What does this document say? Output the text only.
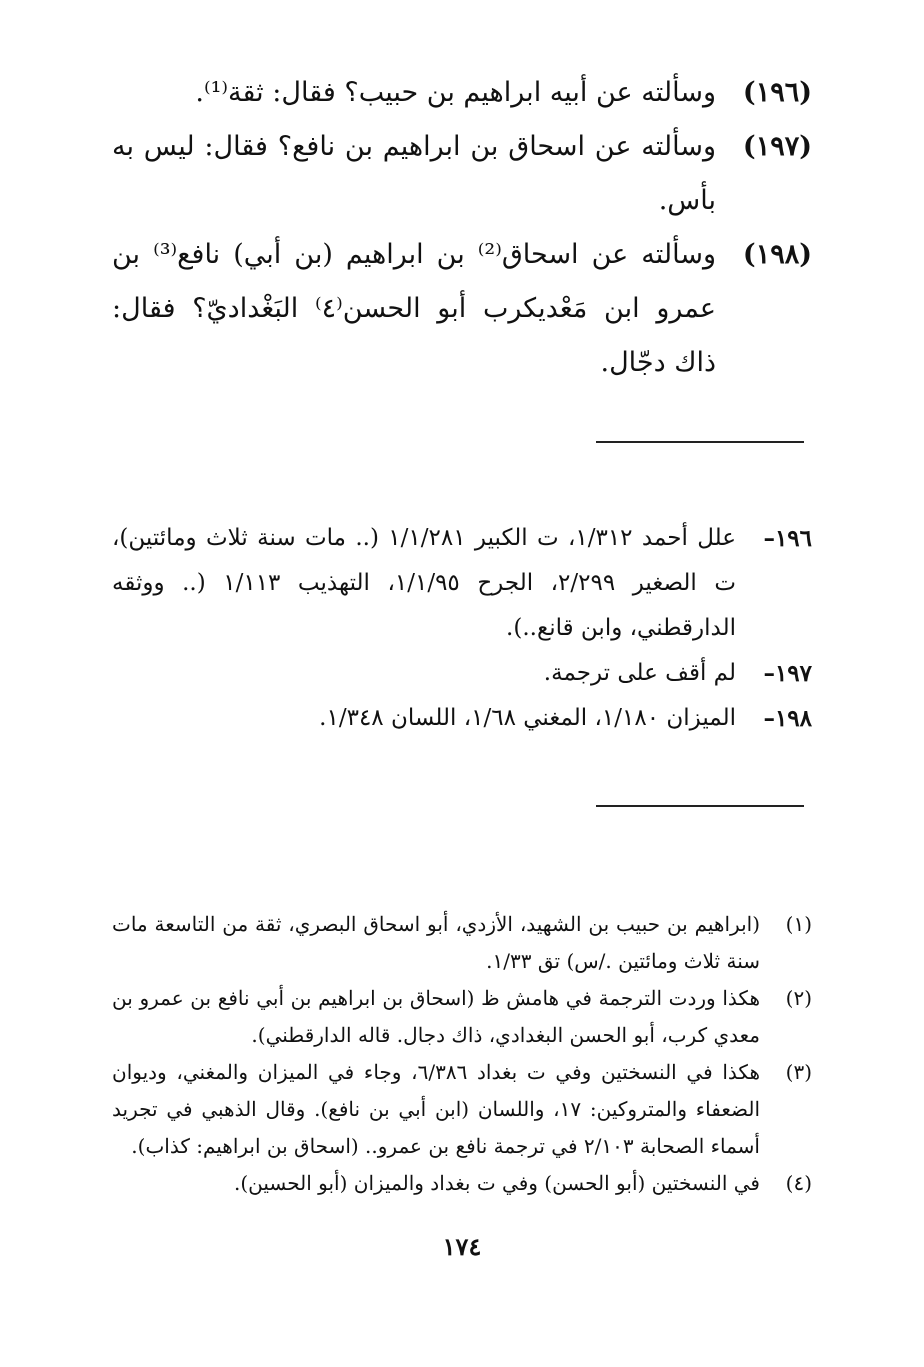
(١٩٦)
وسألته عن أبيه ابراهيم بن حبيب؟ فقال: ثقة⁽¹⁾.
(١٩٧)
وسألته عن اسحاق بن ابراهيم بن نافع؟ فقال: ليس به بأس.
(١٩٨)
وسألته عن اسحاق⁽²⁾ بن ابراهيم (بن أبي) نافع⁽³⁾ بن عمرو ابن مَعْديكرب أبو الحسن⁽٤⁾ البَغْداديّ؟ فقال: ذاك دجّال.
١٩٦–
علل أحمد ١/٣١٢، ت الكبير ١/١/٢٨١ (.. مات سنة ثلاث ومائتين)، ت الصغير ٢/٢٩٩، الجرح ١/١/٩٥، التهذيب ١/١١٣ (.. ووثقه الدارقطني، وابن قانع..).
١٩٧–
لم أقف على ترجمة.
١٩٨–
الميزان ١/١٨٠، المغني ١/٦٨، اللسان ١/٣٤٨.
(١)
(ابراهيم بن حبيب بن الشهيد، الأزدي، أبو اسحاق البصري، ثقة من التاسعة مات سنة ثلاث ومائتين ./س) تق ١/٣٣.
(٢)
هكذا وردت الترجمة في هامش ظ (اسحاق بن ابراهيم بن أبي نافع بن عمرو بن معدي كرب، أبو الحسن البغدادي، ذاك دجال. قاله الدارقطني).
(٣)
هكذا في النسختين وفي ت بغداد ٦/٣٨٦، وجاء في الميزان والمغني، وديوان الضعفاء والمتروكين: ١٧، واللسان (ابن أبي بن نافع). وقال الذهبي في تجريد أسماء الصحابة ٢/١٠٣ في ترجمة نافع بن عمرو.. (اسحاق بن ابراهيم: كذاب).
(٤)
في النسختين (أبو الحسن) وفي ت بغداد والميزان (أبو الحسين).
١٧٤
